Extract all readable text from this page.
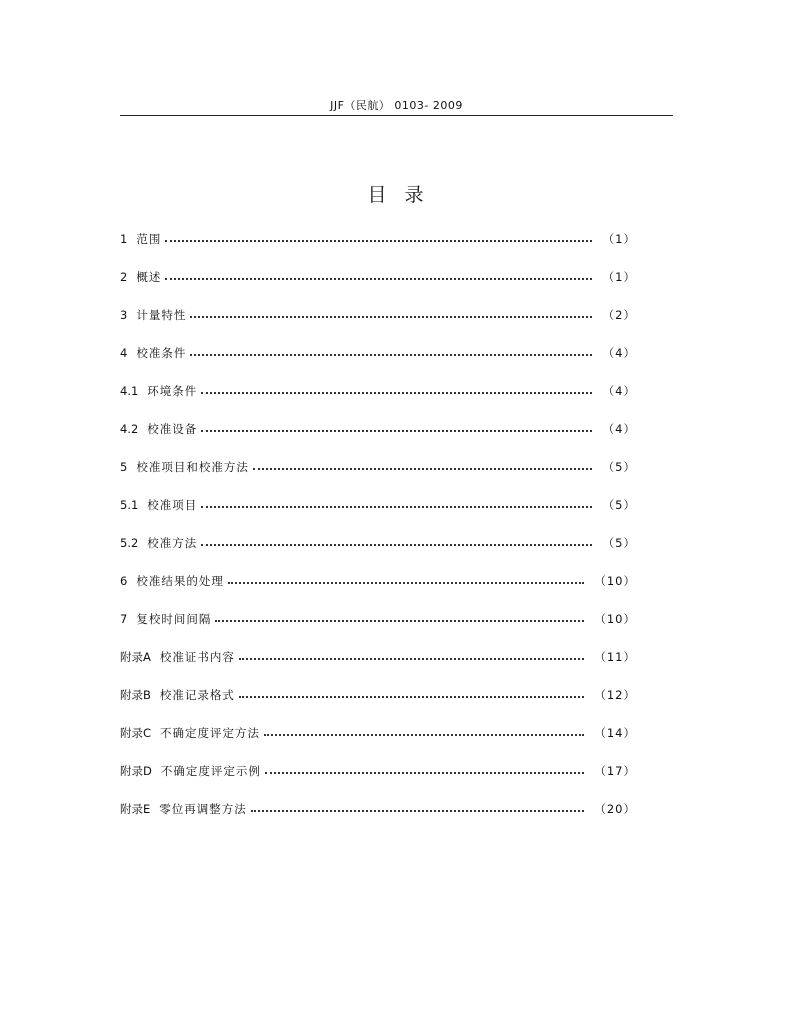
JJF（民航） 0103- 2009
目录
1 范围	（1）
2 概述	（1）
3 计量特性	（2）
4 校准条件	（4）
4.1 环境条件	（4）
4.2 校准设备	（4）
5 校准项目和校准方法	（5）
5.1 校准项目	（5）
5.2 校准方法	（5）
6 校准结果的处理	（10）
7 复校时间间隔	（10）
附录A 校准证书内容	（11）
附录B 校准记录格式	（12）
附录C 不确定度评定方法	（14）
附录D 不确定度评定示例	（17）
附录E 零位再调整方法	（20）
